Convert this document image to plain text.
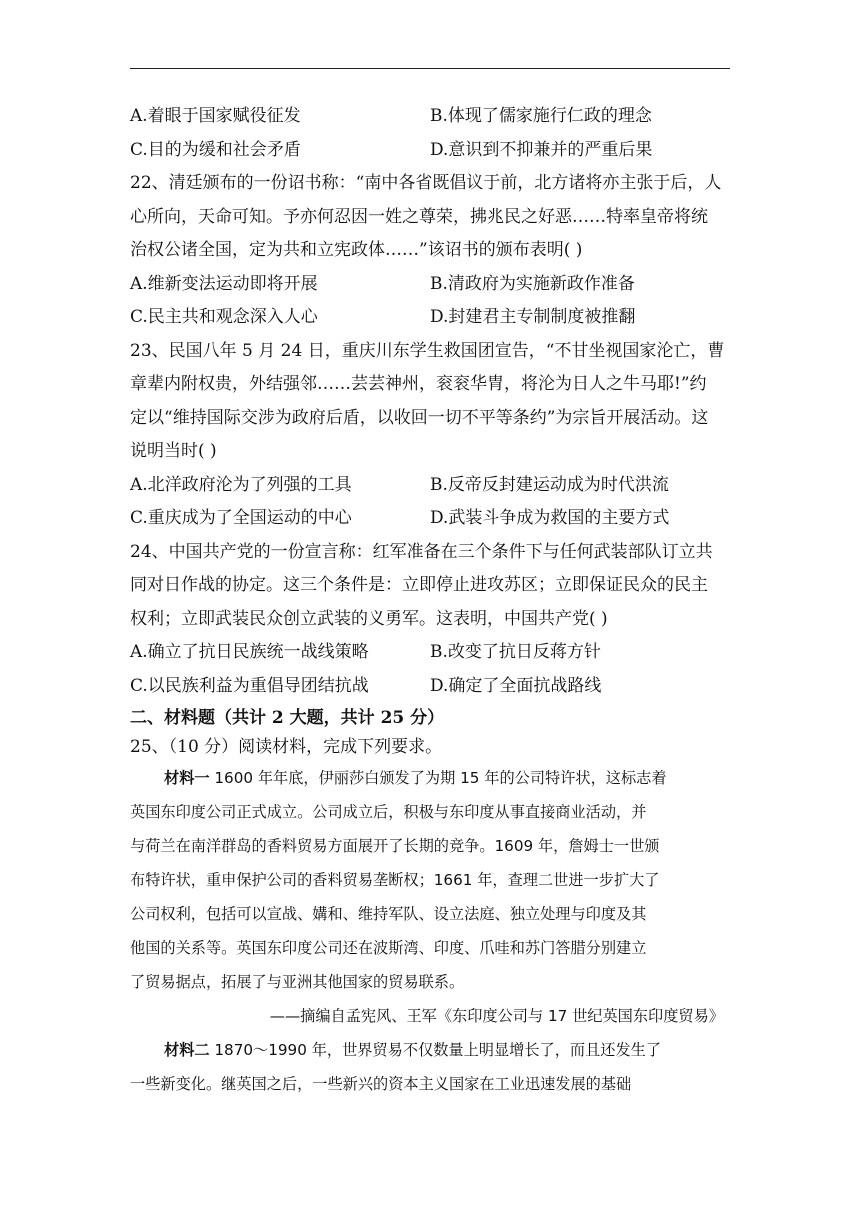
A.着眼于国家赋役征发	B.体现了儒家施行仁政的理念
C.目的为缓和社会矛盾	D.意识到不抑兼并的严重后果

22、清廷颁布的一份诏书称：“南中各省既倡议于前，北方诸将亦主张于后，人

心所向，天命可知。予亦何忍因一姓之尊荣，拂兆民之好恶……特率皇帝将统

治权公诸全国，定为共和立宪政体……”该诏书的颁布表明( )

A.维新变法运动即将开展	B.清政府为实施新政作准备
C.民主共和观念深入人心	D.封建君主专制制度被推翻

23、民国八年 5 月 24 日，重庆川东学生救国团宣告，“不甘坐视国家沦亡，曹

章辈内附权贵，外结强邻……芸芸神州，衮衮华胄，将沦为日人之牛马耶!”约

定以“维持国际交涉为政府后盾，以收回一切不平等条约”为宗旨开展活动。这

说明当时( )

A.北洋政府沦为了列强的工具	B.反帝反封建运动成为时代洪流
C.重庆成为了全国运动的中心	D.武装斗争成为救国的主要方式

24、中国共产党的一份宣言称：红军准备在三个条件下与任何武装部队订立共

同对日作战的协定。这三个条件是：立即停止进攻苏区；立即保证民众的民主

权利；立即武装民众创立武装的义勇军。这表明，中国共产党( )

A.确立了抗日民族统一战线策略	B.改变了抗日反蒋方针
C.以民族利益为重倡导团结抗战	D.确定了全面抗战路线

二、材料题（共计 2 大题，共计 25 分）

25、（10 分）阅读材料，完成下列要求。

材料一 1600 年年底，伊丽莎白颁发了为期 15 年的公司特许状，这标志着

英国东印度公司正式成立。公司成立后，积极与东印度从事直接商业活动，并

与荷兰在南洋群岛的香料贸易方面展开了长期的竞争。1609 年，詹姆士一世颁

布特许状，重申保护公司的香料贸易垄断权；1661 年，查理二世进一步扩大了

公司权利，包括可以宣战、媾和、维持军队、设立法庭、独立处理与印度及其

他国的关系等。英国东印度公司还在波斯湾、印度、爪哇和苏门答腊分别建立

了贸易据点，拓展了与亚洲其他国家的贸易联系。

——摘编自孟宪风、王军《东印度公司与 17 世纪英国东印度贸易》

材料二 1870～1990 年，世界贸易不仅数量上明显增长了，而且还发生了

一些新变化。继英国之后，一些新兴的资本主义国家在工业迅速发展的基础
